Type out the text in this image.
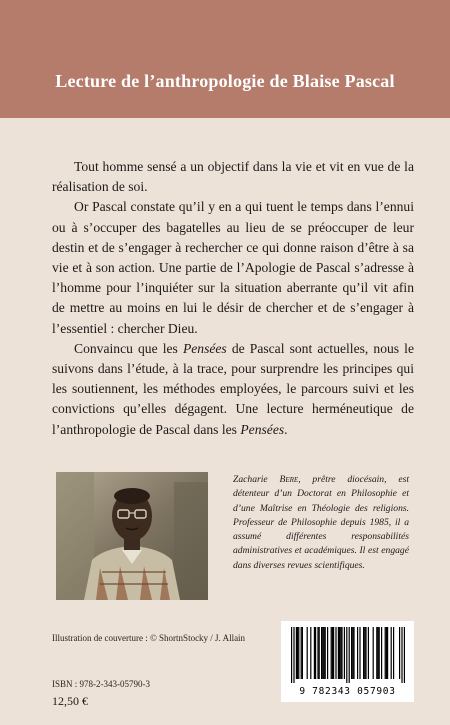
Lecture de l’anthropologie de Blaise Pascal

Tout homme sensé a un objectif dans la vie et vit en vue de la réalisation de soi.

Or Pascal constate qu’il y en a qui tuent le temps dans l’ennui ou à s’occuper des bagatelles au lieu de se préoccuper de leur destin et de s’engager à rechercher ce qui donne raison d’être à sa vie et à son action. Une partie de l’Apologie de Pascal s’adresse à l’homme pour l’inquiéter sur la situation aberrante qu’il vit afin de mettre au moins en lui le désir de chercher et de s’engager à l’essentiel : chercher Dieu.

Convaincu que les Pensées de Pascal sont actuelles, nous le suivons dans l’étude, à la trace, pour surprendre les principes qui les soutiennent, les méthodes employées, le parcours suivi et les convictions qu’elles dégagent. Une lecture herméneutique de l’anthropologie de Pascal dans les Pensées.

Zacharie Bere, prêtre diocésain, est détenteur d’un Doctorat en Philosophie et d’une Maîtrise en Théologie des religions. Professeur de Philosophie depuis 1985, il a assumé différentes responsabilités administratives et académiques. Il est engagé dans diverses revues scientifiques.
Illustration de couverture : © ShortnStocky / J. Allain
ISBN : 978-2-343-05790-3
12,50 €
9 782343 057903
